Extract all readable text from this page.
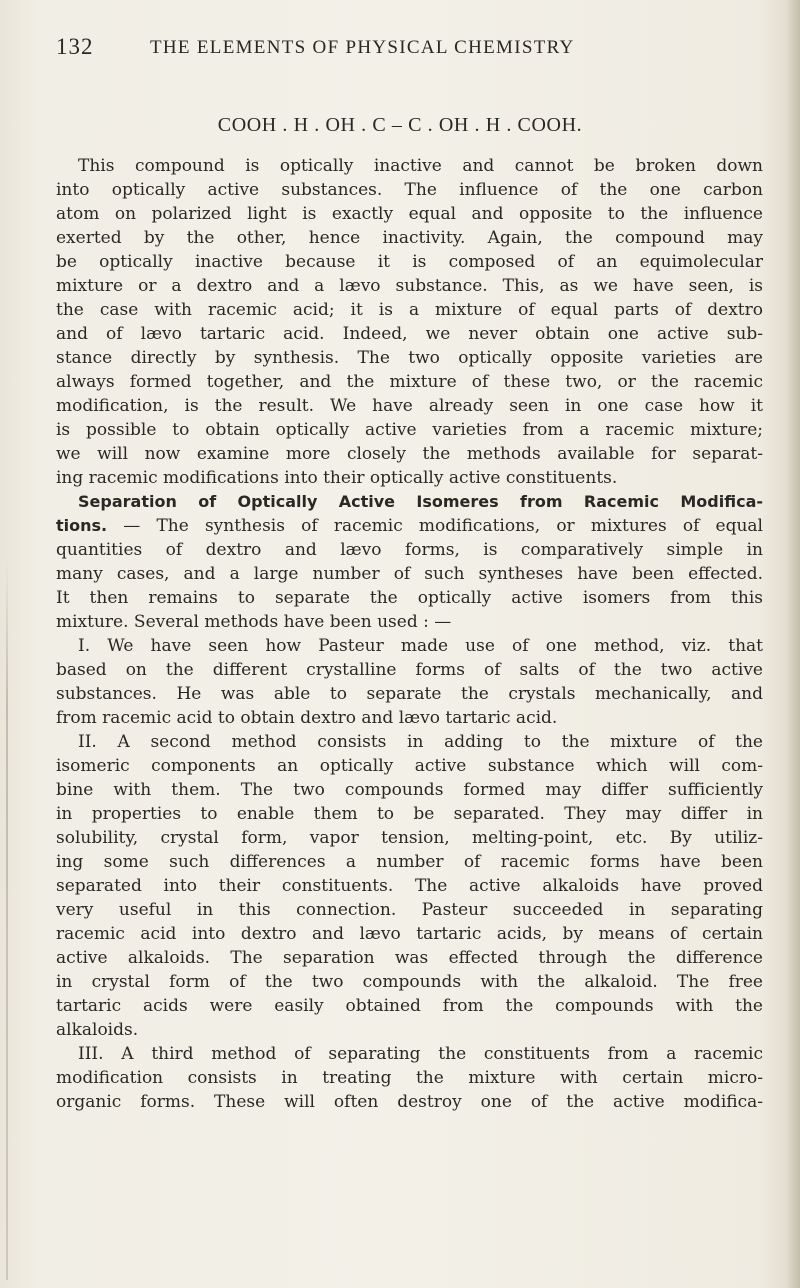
132	THE ELEMENTS OF PHYSICAL CHEMISTRY
COOH . H . OH . C – C . OH . H . COOH.
This compound is optically inactive and cannot be broken down
into optically active substances. The influence of the one carbon
atom on polarized light is exactly equal and opposite to the influence
exerted by the other, hence inactivity. Again, the compound may
be optically inactive because it is composed of an equimolecular
mixture or a dextro and a lævo substance. This, as we have seen, is
the case with racemic acid; it is a mixture of equal parts of dextro
and of lævo tartaric acid. Indeed, we never obtain one active sub-
stance directly by synthesis. The two optically opposite varieties are
always formed together, and the mixture of these two, or the racemic
modification, is the result. We have already seen in one case how it
is possible to obtain optically active varieties from a racemic mixture;
we will now examine more closely the methods available for separat-
ing racemic modifications into their optically active constituents.
Separation of Optically Active Isomeres from Racemic Modifica-
tions. — The synthesis of racemic modifications, or mixtures of equal
quantities of dextro and lævo forms, is comparatively simple in
many cases, and a large number of such syntheses have been effected.
It then remains to separate the optically active isomers from this
mixture. Several methods have been used : —
I. We have seen how Pasteur made use of one method, viz. that
based on the different crystalline forms of salts of the two active
substances. He was able to separate the crystals mechanically, and
from racemic acid to obtain dextro and lævo tartaric acid.
II. A second method consists in adding to the mixture of the
isomeric components an optically active substance which will com-
bine with them. The two compounds formed may differ sufficiently
in properties to enable them to be separated. They may differ in
solubility, crystal form, vapor tension, melting-point, etc. By utiliz-
ing some such differences a number of racemic forms have been
separated into their constituents. The active alkaloids have proved
very useful in this connection. Pasteur succeeded in separating
racemic acid into dextro and lævo tartaric acids, by means of certain
active alkaloids. The separation was effected through the difference
in crystal form of the two compounds with the alkaloid. The free
tartaric acids were easily obtained from the compounds with the
alkaloids.
III. A third method of separating the constituents from a racemic
modification consists in treating the mixture with certain micro-
organic forms. These will often destroy one of the active modifica-
